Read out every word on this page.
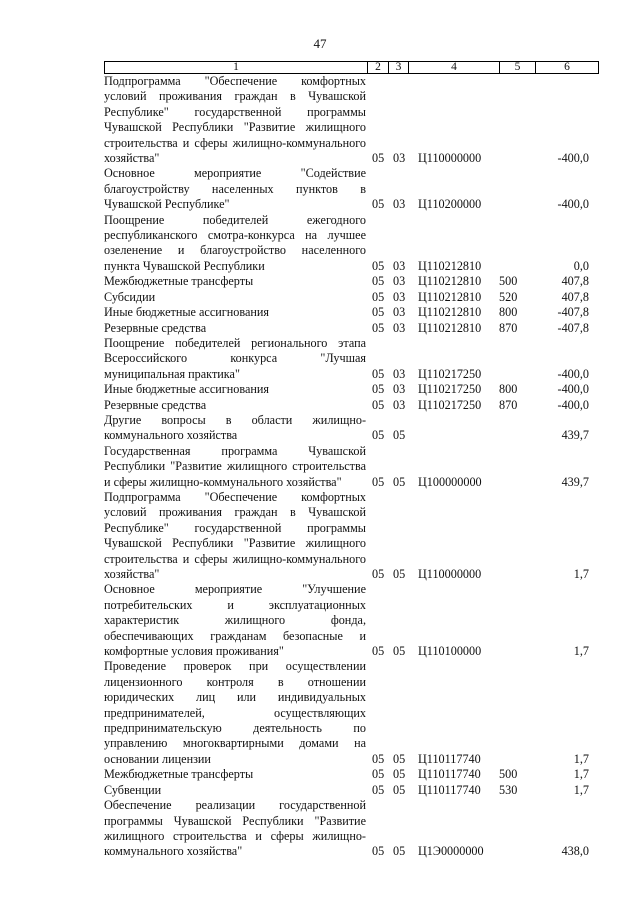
47
1	2	3	4	5	6
Подпрограмма "Обеспечение комфортных условий проживания граждан в Чувашской Республике" государственной программы Чувашской Республики "Развитие жилищного строительства и сферы жилищно-коммунального хозяйства"	05 03 Ц110000000	-400,0
Основное мероприятие "Содействие благоустройству населенных пунктов в Чувашской Республике"	05 03 Ц110200000	-400,0
Поощрение победителей ежегодного республиканского смотра-конкурса на лучшее озеленение и благоустройство населенного пункта Чувашской Республики	05 03 Ц110212810	0,0
Межбюджетные трансферты	05 03 Ц110212810 500	407,8
Субсидии	05 03 Ц110212810 520	407,8
Иные бюджетные ассигнования	05 03 Ц110212810 800	-407,8
Резервные средства	05 03 Ц110212810 870	-407,8
Поощрение победителей регионального этапа Всероссийского конкурса "Лучшая муниципальная практика"	05 03 Ц110217250	-400,0
Иные бюджетные ассигнования	05 03 Ц110217250 800	-400,0
Резервные средства	05 03 Ц110217250 870	-400,0
Другие вопросы в области жилищно-коммунального хозяйства	05 05	439,7
Государственная программа Чувашской Республики "Развитие жилищного строительства и сферы жилищно-коммунального хозяйства"	05 05 Ц100000000	439,7
Подпрограмма "Обеспечение комфортных условий проживания граждан в Чувашской Республике" государственной программы Чувашской Республики "Развитие жилищного строительства и сферы жилищно-коммунального хозяйства"	05 05 Ц110000000	1,7
Основное мероприятие "Улучшение потребительских и эксплуатационных характеристик жилищного фонда, обеспечивающих гражданам безопасные и комфортные условия проживания"	05 05 Ц110100000	1,7
Проведение проверок при осуществлении лицензионного контроля в отношении юридических лиц или индивидуальных предпринимателей, осуществляющих предпринимательскую деятельность по управлению многоквартирными домами на основании лицензии	05 05 Ц110117740	1,7
Межбюджетные трансферты	05 05 Ц110117740 500	1,7
Субвенции	05 05 Ц110117740 530	1,7
Обеспечение реализации государственной программы Чувашской Республики "Развитие жилищного строительства и сферы жилищно-коммунального хозяйства"	05 05 Ц1Э0000000	438,0
